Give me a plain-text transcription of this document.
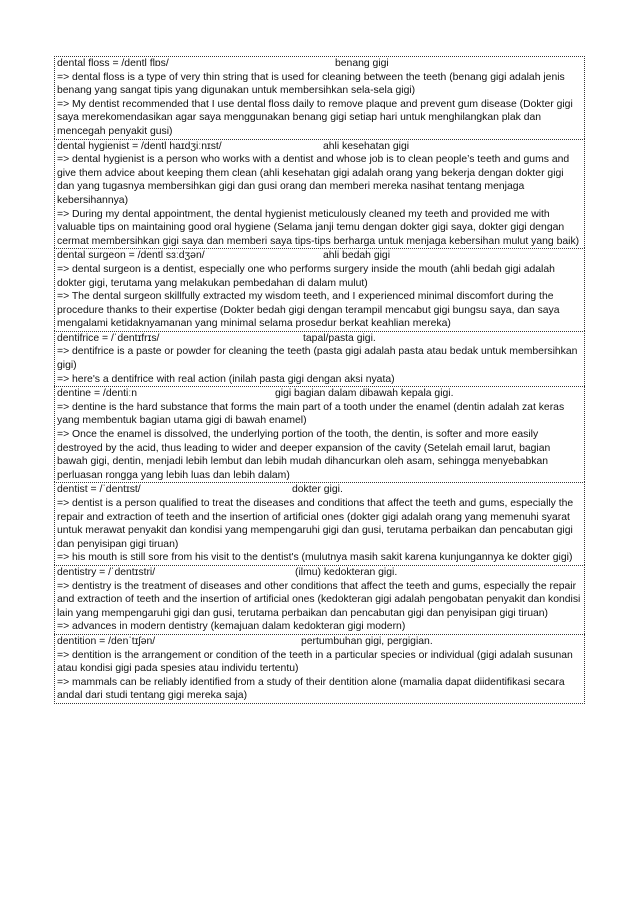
dental floss = /dentl flɒs/	benang gigi
=> dental floss is a type of very thin string that is used for cleaning between the teeth (benang gigi adalah jenis benang yang sangat tipis yang digunakan untuk membersihkan sela-sela gigi)
=> My dentist recommended that I use dental floss daily to remove plaque and prevent gum disease (Dokter gigi saya merekomendasikan agar saya menggunakan benang gigi setiap hari untuk menghilangkan plak dan mencegah penyakit gusi)
dental hygienist = /dentl haɪdʒiːnɪst/	ahli kesehatan gigi
=> dental hygienist is a person who works with a dentist and whose job is to clean people’s teeth and gums and give them advice about keeping them clean (ahli kesehatan gigi adalah orang yang bekerja dengan dokter gigi dan yang tugasnya membersihkan gigi dan gusi orang dan memberi mereka nasihat tentang menjaga kebersihannya)
=> During my dental appointment, the dental hygienist meticulously cleaned my teeth and provided me with valuable tips on maintaining good oral hygiene (Selama janji temu dengan dokter gigi saya, dokter gigi dengan cermat membersihkan gigi saya dan memberi saya tips-tips berharga untuk menjaga kebersihan mulut yang baik)
dental surgeon = /dentl sɜːdʒən/	ahli bedah gigi
=> dental surgeon is a dentist, especially one who performs surgery inside the mouth (ahli bedah gigi adalah dokter gigi, terutama yang melakukan pembedahan di dalam mulut)
=> The dental surgeon skillfully extracted my wisdom teeth, and I experienced minimal discomfort during the procedure thanks to their expertise (Dokter bedah gigi dengan terampil mencabut gigi bungsu saya, dan saya mengalami ketidaknyamanan yang minimal selama prosedur berkat keahlian mereka)
dentifrice = /ˈdentɪfrɪs/	tapal/pasta gigi.
=> dentifrice is a paste or powder for cleaning the teeth (pasta gigi adalah pasta atau bedak untuk membersihkan gigi)
=> here's a dentifrice with real action (inilah pasta gigi dengan aksi nyata)
dentine = /dentiːn	gigi bagian dalam dibawah kepala gigi.
=> dentine is the hard substance that forms the main part of a tooth under the enamel (dentin adalah zat keras yang membentuk bagian utama gigi di bawah enamel)
=> Once the enamel is dissolved, the underlying portion of the tooth, the dentin, is softer and more easily destroyed by the acid, thus leading to wider and deeper expansion of the cavity (Setelah email larut, bagian bawah gigi, dentin, menjadi lebih lembut dan lebih mudah dihancurkan oleh asam, sehingga menyebabkan perluasan rongga yang lebih luas dan lebih dalam)
dentist = /ˈdentɪst/	dokter gigi.
=> dentist is a person qualified to treat the diseases and conditions that affect the teeth and gums, especially the repair and extraction of teeth and the insertion of artificial ones (dokter gigi adalah orang yang memenuhi syarat untuk merawat penyakit dan kondisi yang mempengaruhi gigi dan gusi, terutama perbaikan dan pencabutan gigi dan penyisipan gigi tiruan)
=> his mouth is still sore from his visit to the dentist's (mulutnya masih sakit karena kunjungannya ke dokter gigi)
dentistry = /ˈdentɪstri/	(ilmu) kedokteran gigi.
=> dentistry is the treatment of diseases and other conditions that affect the teeth and gums, especially the repair and extraction of teeth and the insertion of artificial ones (kedokteran gigi adalah pengobatan penyakit dan kondisi lain yang mempengaruhi gigi dan gusi, terutama perbaikan dan pencabutan gigi dan penyisipan gigi tiruan)
=> advances in modern dentistry (kemajuan dalam kedokteran gigi modern)
dentition = /denˈtɪʃən/	pertumbuhan gigi, pergigian.
=> dentition is the arrangement or condition of the teeth in a particular species or individual (gigi adalah susunan atau kondisi gigi pada spesies atau individu tertentu)
=> mammals can be reliably identified from a study of their dentition alone (mamalia dapat diidentifikasi secara andal dari studi tentang gigi mereka saja)
